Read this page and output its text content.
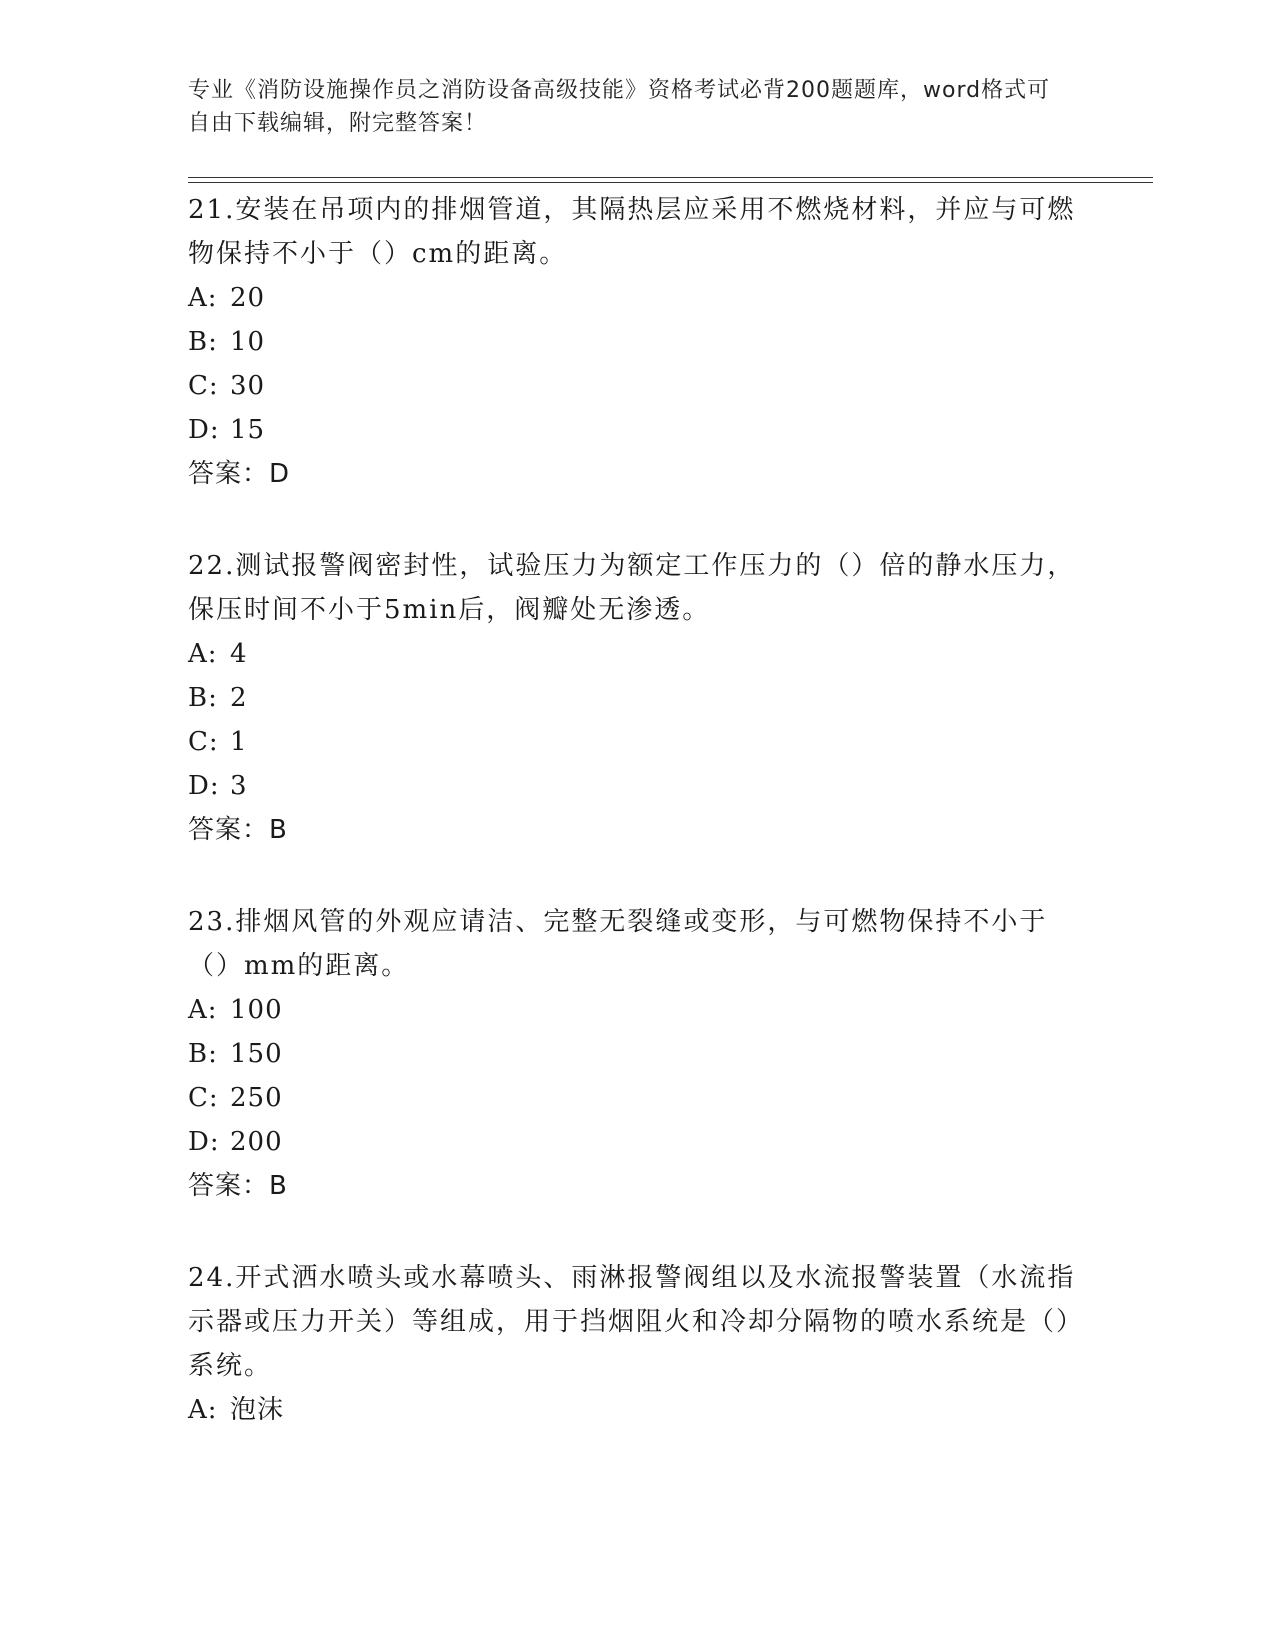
专业《消防设施操作员之消防设备高级技能》资格考试必背200题题库，word格式可自由下载编辑，附完整答案！

21.安装在吊项内的排烟管道，其隔热层应采用不燃烧材料，并应与可燃物保持不小于（）cm的距离。

A: 20

B: 10

C: 30

D: 15

答案：D

22.测试报警阀密封性，试验压力为额定工作压力的（）倍的静水压力，保压时间不小于5min后，阀瓣处无渗透。

A: 4

B: 2

C: 1

D: 3

答案：B

23.排烟风管的外观应请洁、完整无裂缝或变形，与可燃物保持不小于（）mm的距离。

A: 100

B: 150

C: 250

D: 200

答案：B

24.开式洒水喷头或水幕喷头、雨淋报警阀组以及水流报警装置（水流指示器或压力开关）等组成，用于挡烟阻火和冷却分隔物的喷水系统是（）系统。

A: 泡沫
